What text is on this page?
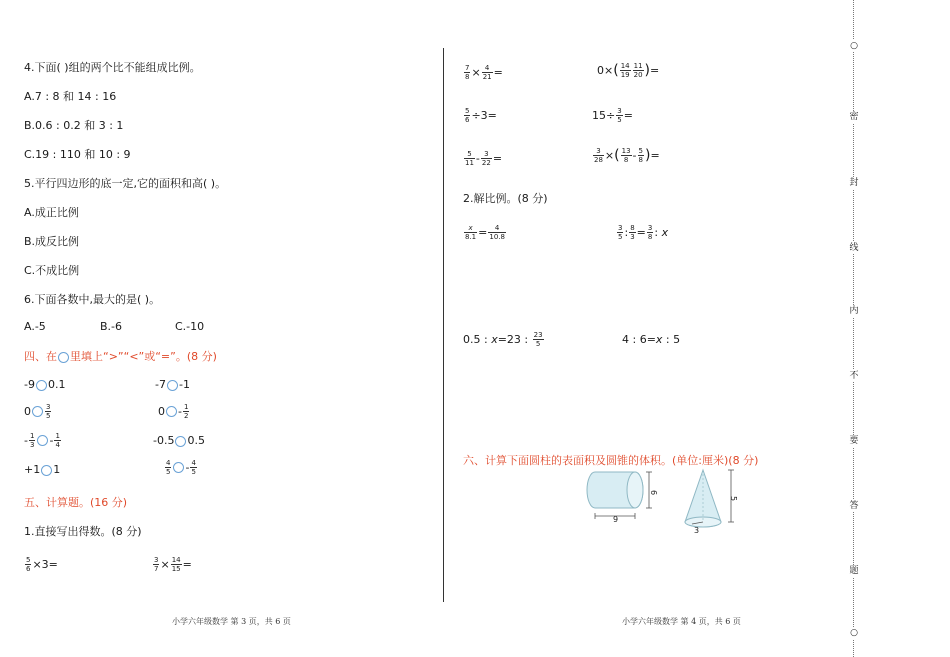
4.下面( )组的两个比不能组成比例。
A.7 : 8 和 14 : 16
B.0.6 : 0.2 和 3 : 1
C.19 : 110 和 10 : 9
5.平行四边形的底一定,它的面积和高( )。
A.成正比例
B.成反比例
C.不成比例
6.下面各数中,最大的是( )。
A.-5	B.-6	C.-10
四、在 里填上“>”“<”或“=”。(8 分)
-9 0.1	-7 -1
$0 \frac{3}{5}$	$0 - \frac{1}{2}$
- $\frac{1}{3} - \frac{1}{4}$	-0.5 0.5
+1 1	$\frac{4}{5} - \frac{4}{5}$
五、计算题。(16 分)
1.直接写出得数。(8 分)
$\frac{5}{6} \times 3=$	$\frac{3}{7} \times \frac{14}{15}$ =
小学六年级数学 第 3 页，共 6 页
$\frac{7}{8} \times \frac{4}{21}$ =	$0\times( \frac{14}{19} \frac{11}{20}$ )=
$\frac{5}{6} \div 3=$	$15\div \frac{3}{5}$ =
$\frac{5}{11} - \frac{3}{22}$ =	$\frac{3}{28}$ ×( $\frac{13}{8} - \frac{5}{8}$ )=
2.解比例。(8 分)
$\frac{x}{8.1} = \frac{4}{10.8}$	$\frac{3}{5}$ : $\frac{8}{3} = \frac{3}{8}$ : x
0.5 : x=23 : $\frac{23}{5}$	4 : 6=x : 5
六、计算下面圆柱的表面积及圆锥的体积。(单位:厘米)(8 分)
6
9
5
3
小学六年级数学 第 4 页，共 6 页
○
密
封
线
内
不
要
答
题
○
